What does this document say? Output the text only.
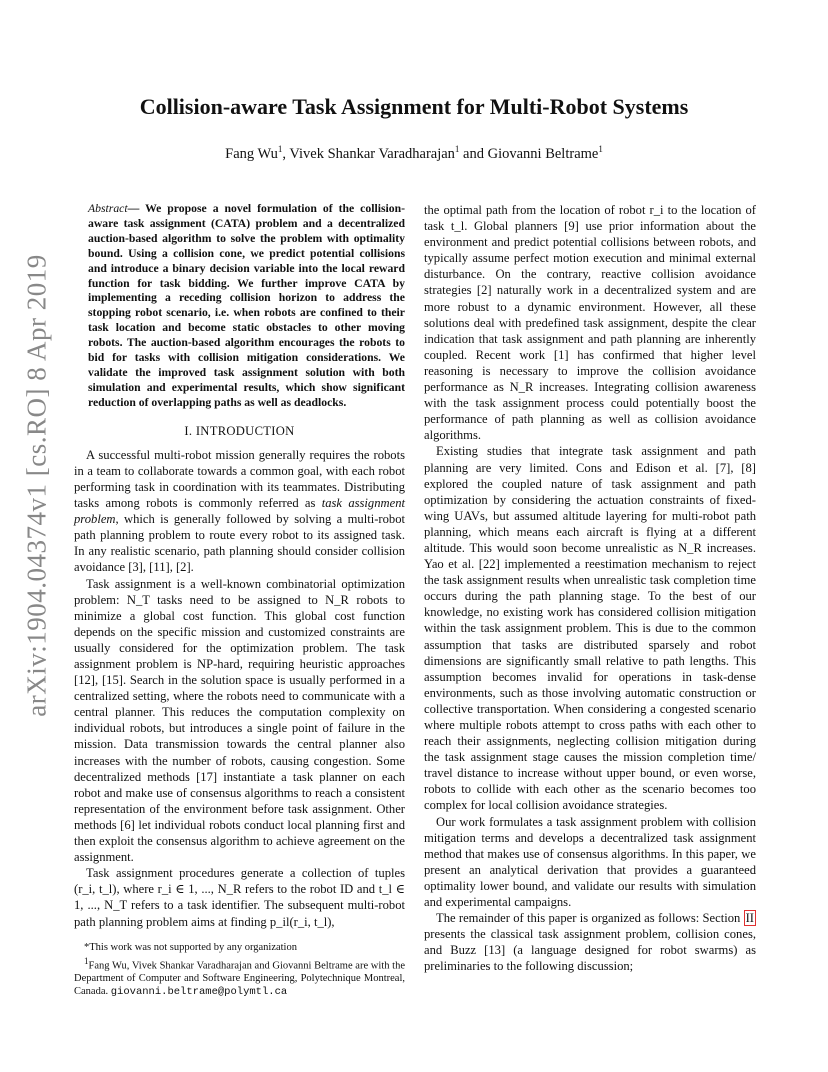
arXiv:1904.04374v1 [cs.RO] 8 Apr 2019
Collision-aware Task Assignment for Multi-Robot Systems
Fang Wu$^1$, Vivek Shankar Varadharajan$^1$ and Giovanni Beltrame$^1$

Abstract— We propose a novel formulation of the collision-aware task assignment (CATA) problem and a decentralized auction-based algorithm to solve the problem with optimality bound. Using a collision cone, we predict potential collisions and introduce a binary decision variable into the local reward function for task bidding. We further improve CATA by implementing a receding collision horizon to address the stopping robot scenario, i.e. when robots are confined to their task location and become static obstacles to other moving robots. The auction-based algorithm encourages the robots to bid for tasks with collision mitigation considerations. We validate the improved task assignment solution with both simulation and experimental results, which show significant reduction of overlapping paths as well as deadlocks.

I. INTRODUCTION

A successful multi-robot mission generally requires the robots in a team to collaborate towards a common goal, with each robot performing task in coordination with its teammates. Distributing tasks among robots is commonly referred as task assignment problem, which is generally followed by solving a multi-robot path planning problem to route every robot to its assigned task. In any realistic scenario, path planning should consider collision avoidance [3], [11], [2].

Task assignment is a well-known combinatorial optimization problem: N_T tasks need to be assigned to N_R robots to minimize a global cost function. This global cost function depends on the specific mission and customized constraints are usually considered for the optimization problem. The task assignment problem is NP-hard, requiring heuristic approaches [12], [15]. Search in the solution space is usually performed in a centralized setting, where the robots need to communicate with a central planner. This reduces the computation complexity on individual robots, but introduces a single point of failure in the mission. Data transmission towards the central planner also increases with the number of robots, causing congestion. Some decentralized methods [17] instantiate a task planner on each robot and make use of consensus algorithms to reach a consistent representation of the environment before task assignment. Other methods [6] let individual robots conduct local planning first and then exploit the consensus algorithm to achieve agreement on the assignment.

Task assignment procedures generate a collection of tuples (r_i, t_l), where r_i ∈ 1, ..., N_R refers to the robot ID and t_l ∈ 1, ..., N_T refers to a task identifier. The subsequent multi-robot path planning problem aims at finding p_il(r_i, t_l),

the optimal path from the location of robot r_i to the location of task t_l. Global planners [9] use prior information about the environment and predict potential collisions between robots, and typically assume perfect motion execution and minimal external disturbance. On the contrary, reactive collision avoidance strategies [2] naturally work in a decentralized system and are more robust to a dynamic environment. However, all these solutions deal with predefined task assignment, despite the clear indication that task assignment and path planning are inherently coupled. Recent work [1] has confirmed that higher level reasoning is necessary to improve the collision avoidance performance as N_R increases. Integrating collision awareness with the task assignment process could potentially boost the performance of path planning as well as collision avoidance algorithms.

Existing studies that integrate task assignment and path planning are very limited. Cons and Edison et al. [7], [8] explored the coupled nature of task assignment and path optimization by considering the actuation constraints of fixed-wing UAVs, but assumed altitude layering for multi-robot path planning, which means each aircraft is flying at a different altitude. This would soon become unrealistic as N_R increases. Yao et al. [22] implemented a reestimation mechanism to reject the task assignment results when unrealistic task completion time occurs during the path planning stage. To the best of our knowledge, no existing work has considered collision mitigation within the task assignment problem. This is due to the common assumption that tasks are distributed sparsely and robot dimensions are significantly small relative to path lengths. This assumption becomes invalid for operations in task-dense environments, such as those involving automatic construction or collective transportation. When considering a congested scenario where multiple robots attempt to cross paths with each other to reach their assignments, neglecting collision mitigation during the task assignment stage causes the mission completion time/ travel distance to increase without upper bound, or even worse, robots to collide with each other as the scenario becomes too complex for local collision avoidance strategies.

Our work formulates a task assignment problem with collision mitigation terms and develops a decentralized task assignment method that makes use of consensus algorithms. In this paper, we present an analytical derivation that provides a guaranteed optimality lower bound, and validate our results with simulation and experimental campaigns.

The remainder of this paper is organized as follows: Section II presents the classical task assignment problem, collision cones, and Buzz [13] (a language designed for robot swarms) as preliminaries to the following discussion;

*This work was not supported by any organization

$^1$Fang Wu, Vivek Shankar Varadharajan and Giovanni Beltrame are with the Department of Computer and Software Engineering, Polytechnique Montreal, Canada. giovanni.beltrame@polymtl.ca
